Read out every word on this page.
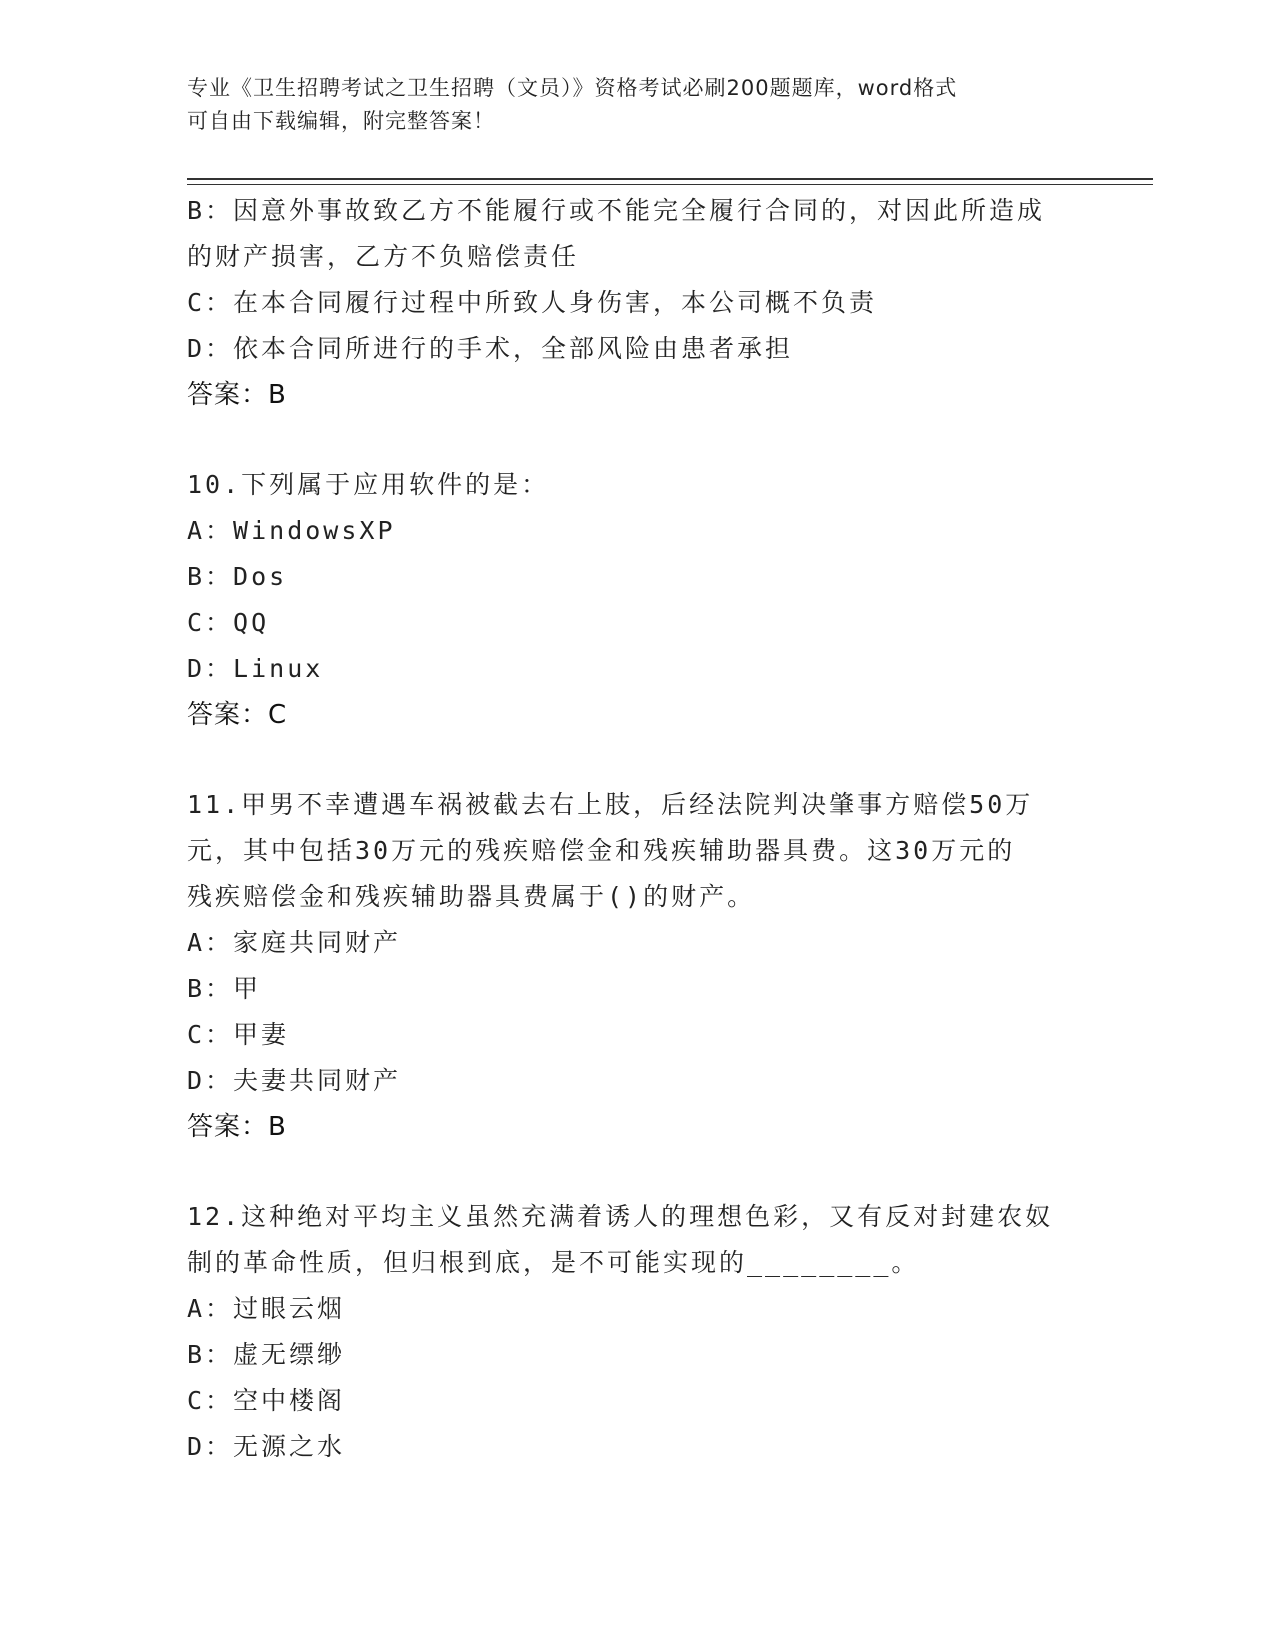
专业《卫生招聘考试之卫生招聘（文员）》资格考试必刷200题题库，word格式
可自由下载编辑，附完整答案！
B：因意外事故致乙方不能履行或不能完全履行合同的，对因此所造成
的财产损害，乙方不负赔偿责任
C：在本合同履行过程中所致人身伤害，本公司概不负责
D：依本合同所进行的手术，全部风险由患者承担
答案：B
10.下列属于应用软件的是：
A：WindowsXP
B：Dos
C：QQ
D：Linux
答案：C
11.甲男不幸遭遇车祸被截去右上肢，后经法院判决肇事方赔偿50万
元，其中包括30万元的残疾赔偿金和残疾辅助器具费。这30万元的
残疾赔偿金和残疾辅助器具费属于()的财产。
A：家庭共同财产
B：甲
C：甲妻
D：夫妻共同财产
答案：B
12.这种绝对平均主义虽然充满着诱人的理想色彩，又有反对封建农奴
制的革命性质，但归根到底，是不可能实现的________。
A：过眼云烟
B：虚无缥缈
C：空中楼阁
D：无源之水
